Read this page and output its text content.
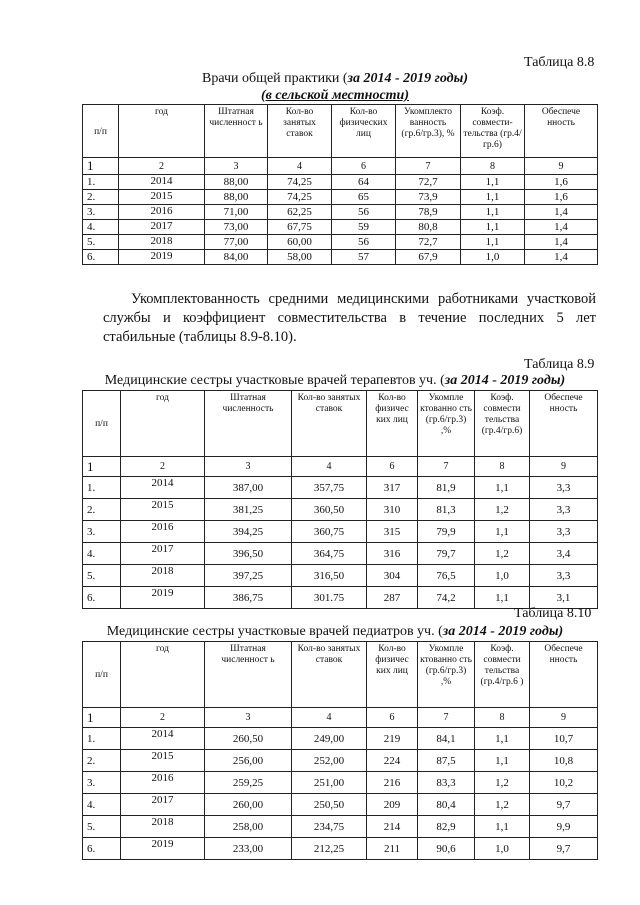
Таблица 8.8
Врачи общей практики (за 2014 - 2019 годы)
(в сельской местности)
п/п	год	Штатная численност ь	Кол-во занятых ставок	Кол-во физических лиц	Укомплекто ванность (гр.6/гр.3), %	Коэф. совмести- тельства (гр.4/гр.6)	Обеспече нность
1	2	3	4	6	7	8	9
1.	2014	88,00	74,25	64	72,7	1,1	1,6
2.	2015	88,00	74,25	65	73,9	1,1	1,6
3.	2016	71,00	62,25	56	78,9	1,1	1,4
4.	2017	73,00	67,75	59	80,8	1,1	1,4
5.	2018	77,00	60,00	56	72,7	1,1	1,4
6.	2019	84,00	58,00	57	67,9	1,0	1,4
Укомплектованность средними медицинскими работниками участковой службы и коэффициент совместительства в течение последних 5 лет стабильные (таблицы 8.9-8.10).
Таблица 8.9
Медицинские сестры участковые врачей терапевтов уч. (за 2014 - 2019 годы)
п/п	год	Штатная численность	Кол-во занятых ставок	Кол-во физичес ких лиц	Укомпле ктованно сть (гр.6/гр.3) ,%	Коэф. совмести тельства (гр.4/гр.6)	Обеспече нность
1	2	3	4	6	7	8	9
1.	2014	387,00	357,75	317	81,9	1,1	3,3
2.	2015	381,25	360,50	310	81,3	1,2	3,3
3.	2016	394,25	360,75	315	79,9	1,1	3,3
4.	2017	396,50	364,75	316	79,7	1,2	3,4
5.	2018	397,25	316,50	304	76,5	1,0	3,3
6.	2019	386,75	301.75	287	74,2	1,1	3,1
Таблица 8.10
Медицинские сестры участковые врачей педиатров уч. (за 2014 - 2019 годы)
п/п	год	Штатная численност ь	Кол-во занятых ставок	Кол-во физичес ких лиц	Укомпле ктованно сть (гр.6/гр.3) ,%	Коэф. совмести тельства (гр.4/гр.6 )	Обеспече нность
1	2	3	4	6	7	8	9
1.	2014	260,50	249,00	219	84,1	1,1	10,7
2.	2015	256,00	252,00	224	87,5	1,1	10,8
3.	2016	259,25	251,00	216	83,3	1,2	10,2
4.	2017	260,00	250,50	209	80,4	1,2	9,7
5.	2018	258,00	234,75	214	82,9	1,1	9,9
6.	2019	233,00	212,25	211	90,6	1,0	9,7
